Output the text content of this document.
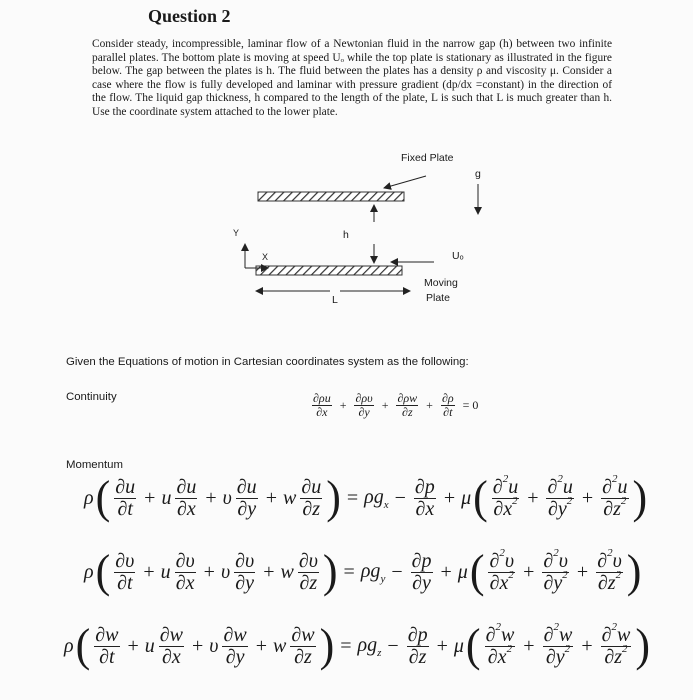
Question 2
Consider steady, incompressible, laminar flow of a Newtonian fluid in the narrow gap (h) between two infinite parallel plates. The bottom plate is moving at speed Uₒ while the top plate is stationary as illustrated in the figure below. The gap between the plates is h. The fluid between the plates has a density ρ and viscosity μ. Consider a case where the flow is fully developed and laminar with pressure gradient (dp/dx =constant) in the direction of the flow. The liquid gap thickness, h compared to the length of the plate, L is such that L is much greater than h. Use the coordinate system attached to the lower plate.
Fixed Plate
g
h
Y
X	Uₒ
Moving
Plate
L
Given the Equations of motion in Cartesian coordinates system as the following:
Continuity	$\frac{\partial\rho u}{\partial x} + \frac{\partial\rho\upsilon}{\partial y} + \frac{\partial\rho w}{\partial z} + \frac{\partial\rho}{\partial t} = 0$
Momentum
ρ ( $\frac{\partial u}{\partial t} + u \frac{\partial u}{\partial x} + \upsilon \frac{\partial u}{\partial y} + w \frac{\partial u}{\partial z}$ ) = $\rho g_x - \frac{\partial p}{\partial x} + \mu$ ( $\frac{\partial^2u}{\partial x^2} + \frac{\partial^2u}{\partial y^2} + \frac{\partial^2u}{\partial z^2}$ )
ρ ( $\frac{\partial\upsilon}{\partial t} + u \frac{\partial\upsilon}{\partial x} + \upsilon \frac{\partial\upsilon}{\partial y} + w \frac{\partial\upsilon}{\partial z}$ ) = $\rho g_y - \frac{\partial p}{\partial y} + \mu$ ( $\frac{\partial^2\upsilon}{\partial x^2} + \frac{\partial^2\upsilon}{\partial y^2} + \frac{\partial^2\upsilon}{\partial z^2}$ )
ρ ( $\frac{\partial w}{\partial t} + u \frac{\partial w}{\partial x} + \upsilon \frac{\partial w}{\partial y} + w \frac{\partial w}{\partial z}$ ) = $\rho g_z - \frac{\partial p}{\partial z} + \mu$ ( $\frac{\partial^2w}{\partial x^2} + \frac{\partial^2w}{\partial y^2} + \frac{\partial^2w}{\partial z^2}$ )
